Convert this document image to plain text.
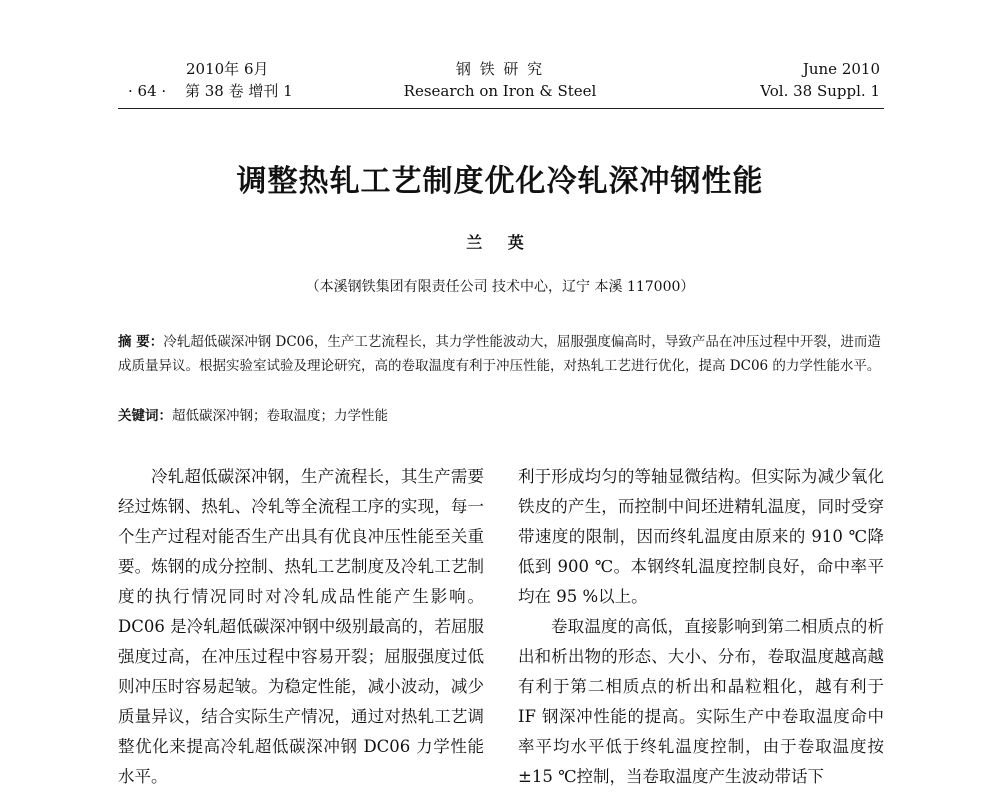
2010年 6月
· 64 · 第 38 卷 增刊 1
钢 铁 研 究
Research on Iron & Steel
June 2010
Vol. 38 Suppl. 1
调整热轧工艺制度优化冷轧深冲钢性能
兰 英
（本溪钢铁集团有限责任公司 技术中心，辽宁 本溪 117000）
摘 要：冷轧超低碳深冲钢 DC06，生产工艺流程长，其力学性能波动大，屈服强度偏高时，导致产品在冲压过程中开裂，进而造成质量异议。根据实验室试验及理论研究，高的卷取温度有利于冲压性能，对热轧工艺进行优化，提高 DC06 的力学性能水平。
关键词：超低碳深冲钢；卷取温度；力学性能

冷轧超低碳深冲钢，生产流程长，其生产需要经过炼钢、热轧、冷轧等全流程工序的实现，每一个生产过程对能否生产出具有优良冲压性能至关重要。炼钢的成分控制、热轧工艺制度及冷轧工艺制度的执行情况同时对冷轧成品性能产生影响。DC06 是冷轧超低碳深冲钢中级别最高的，若屈服强度过高，在冲压过程中容易开裂；屈服强度过低则冲压时容易起皱。为稳定性能，减小波动，减少质量异议，结合实际生产情况，通过对热轧工艺调整优化来提高冷轧超低碳深冲钢 DC06 力学性能水平。

利于形成均匀的等轴显微结构。但实际为减少氧化铁皮的产生，而控制中间坯进精轧温度，同时受穿带速度的限制，因而终轧温度由原来的 910 ℃降低到 900 ℃。本钢终轧温度控制良好，命中率平均在 95 %以上。

卷取温度的高低，直接影响到第二相质点的析出和析出物的形态、大小、分布，卷取温度越高越有利于第二相质点的析出和晶粒粗化，越有利于 IF 钢深冲性能的提高。实际生产中卷取温度命中率平均水平低于终轧温度控制，由于卷取温度按 ±15 ℃控制，当卷取温度产生波动带话下
